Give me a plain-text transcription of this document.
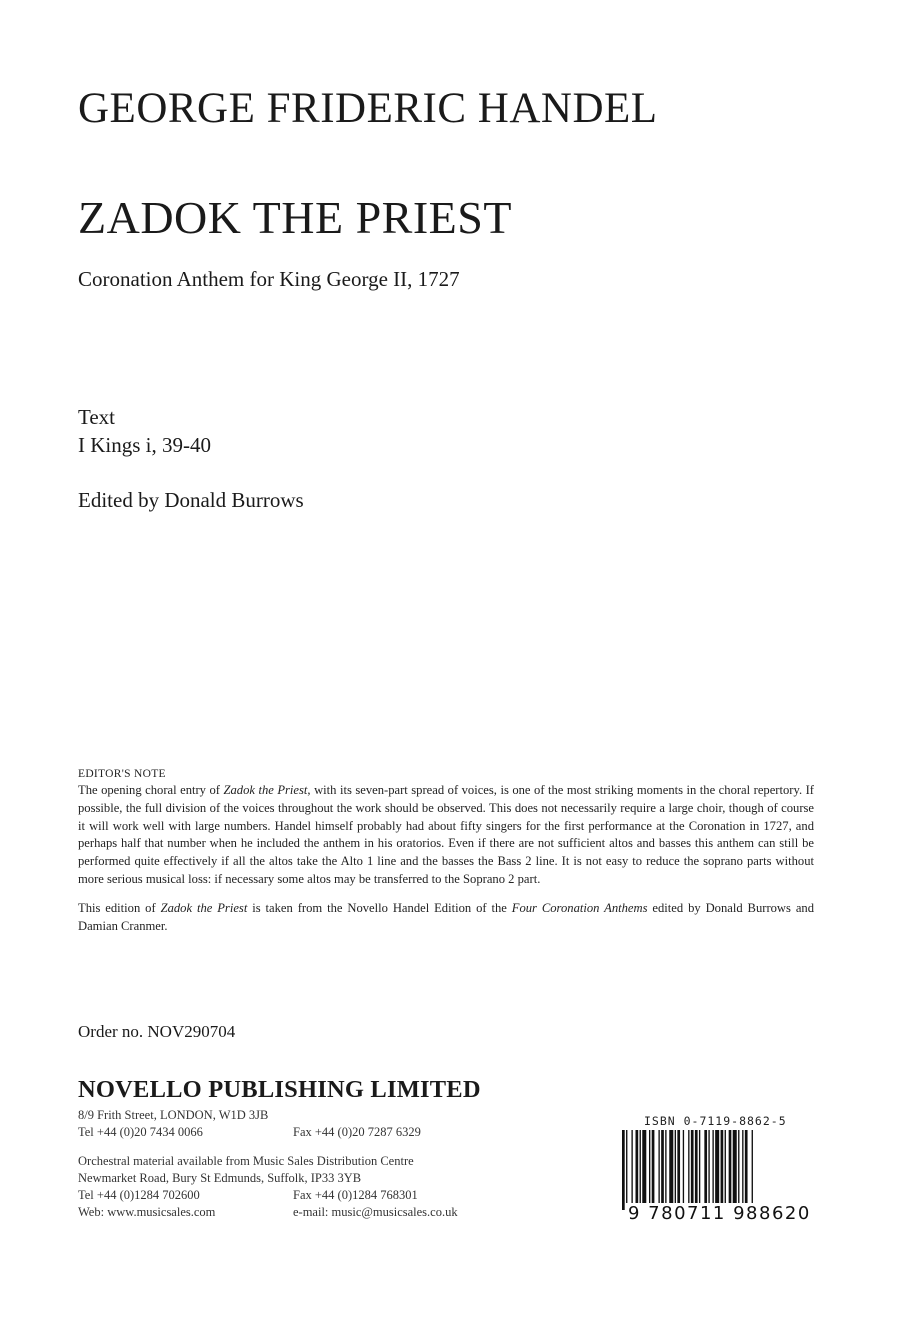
GEORGE FRIDERIC HANDEL
ZADOK THE PRIEST
Coronation Anthem for King George II, 1727
Text
I Kings i, 39-40
Edited by Donald Burrows
EDITOR'S NOTE

The opening choral entry of Zadok the Priest, with its seven-part spread of voices, is one of the most striking moments in the choral repertory. If possible, the full division of the voices throughout the work should be observed. This does not necessarily require a large choir, though of course it will work well with large numbers. Handel himself probably had about fifty singers for the first performance at the Coronation in 1727, and perhaps half that number when he included the anthem in his oratorios. Even if there are not sufficient altos and basses this anthem can still be performed quite effectively if all the altos take the Alto 1 line and the basses the Bass 2 line. It is not easy to reduce the soprano parts without more serious musical loss: if necessary some altos may be transferred to the Soprano 2 part.

This edition of Zadok the Priest is taken from the Novello Handel Edition of the Four Coronation Anthems edited by Donald Burrows and Damian Cranmer.

Order no. NOV290704
NOVELLO PUBLISHING LIMITED
8/9 Frith Street, LONDON, W1D 3JB
Tel +44 (0)20 7434 0066	Fax +44 (0)20 7287 6329
Orchestral material available from Music Sales Distribution Centre
Newmarket Road, Bury St Edmunds, Suffolk, IP33 3YB
Tel +44 (0)1284 702600	Fax +44 (0)1284 768301
Web: www.musicsales.com	e-mail: music@musicsales.co.uk
ISBN 0-7119-8862-5
9 780711 988620
